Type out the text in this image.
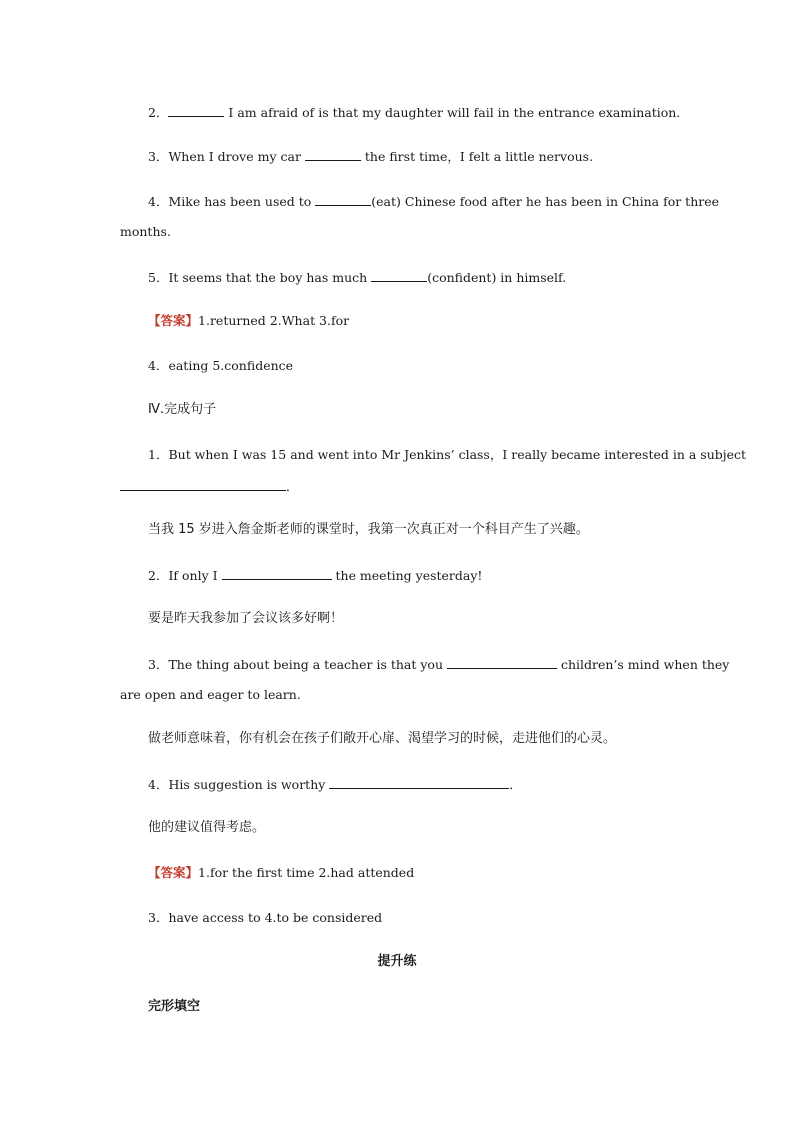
2．	I am afraid of is that my daughter will fail in the entrance examination.
3．When I drove my car	the first time，I felt a little nervous.
4．Mike has been used to	(eat) Chinese food after he has been in China for three
months.
5．It seems that the boy has much	(confident) in himself.
【答案】1.returned 2.What 3.for
4．eating 5.confidence
Ⅳ.完成句子
1．But when I was 15 and went into Mr Jenkins’ class，I really became interested in a subject
．
当我 15 岁进入詹金斯老师的课堂时，我第一次真正对一个科目产生了兴趣。
2．If only I	the meeting yesterday!
要是昨天我参加了会议该多好啊！
3．The thing about being a teacher is that you	children’s mind when they
are open and eager to learn.
做老师意味着，你有机会在孩子们敞开心扉、渴望学习的时候，走进他们的心灵。
4．His suggestion is worthy	．
他的建议值得考虑。
【答案】1.for the first time 2.had attended
3．have access to 4.to be considered
提升练
完形填空
